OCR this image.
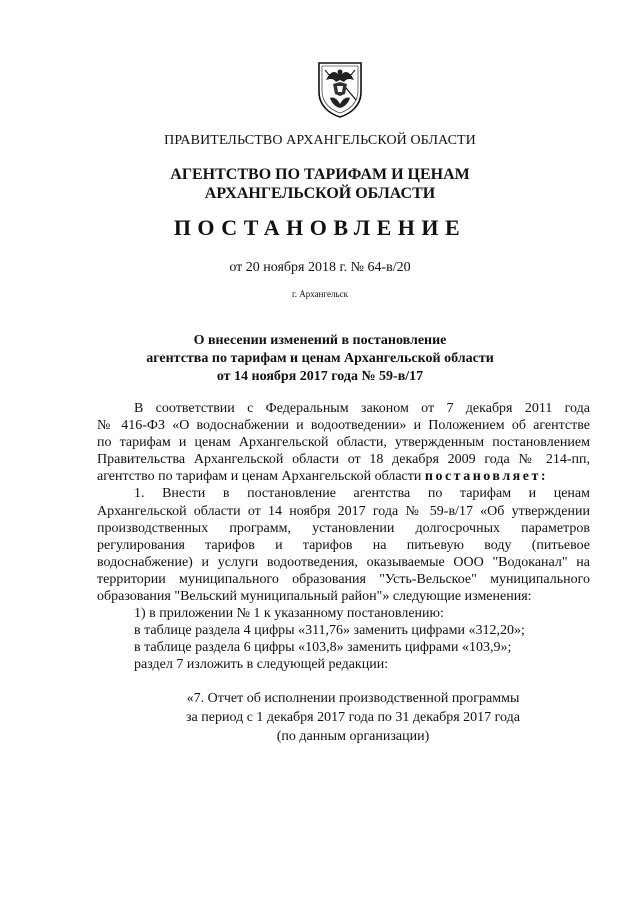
ПРАВИТЕЛЬСТВО АРХАНГЕЛЬСКОЙ ОБЛАСТИ
АГЕНТСТВО ПО ТАРИФАМ И ЦЕНАМ
АРХАНГЕЛЬСКОЙ ОБЛАСТИ
ПОСТАНОВЛЕНИЕ
от 20 ноября 2018 г. № 64-в/20
г. Архангельск
О внесении изменений в постановление
агентства по тарифам и ценам Архангельской области
от 14 ноября 2017 года № 59-в/17
В соответствии с Федеральным законом от 7 декабря 2011 года
№ 416-ФЗ «О водоснабжении и водоотведении» и Положением об агентстве
по тарифам и ценам Архангельской области, утвержденным постановлением
Правительства Архангельской области от 18 декабря 2009 года № 214-пп,
агентство по тарифам и ценам Архангельской области постановляет:
1. Внести в постановление агентства по тарифам и ценам
Архангельской области от 14 ноября 2017 года № 59-в/17 «Об утверждении
производственных программ, установлении долгосрочных параметров
регулирования тарифов и тарифов на питьевую воду (питьевое
водоснабжение) и услуги водоотведения, оказываемые ООО "Водоканал" на
территории муниципального образования "Усть-Вельское" муниципального
образования "Вельский муниципальный район"» следующие изменения:
1) в приложении № 1 к указанному постановлению:
в таблице раздела 4 цифры «311,76» заменить цифрами «312,20»;
в таблице раздела 6 цифры «103,8» заменить цифрами «103,9»;
раздел 7 изложить в следующей редакции:
«7. Отчет об исполнении производственной программы
за период с 1 декабря 2017 года по 31 декабря 2017 года
(по данным организации)
